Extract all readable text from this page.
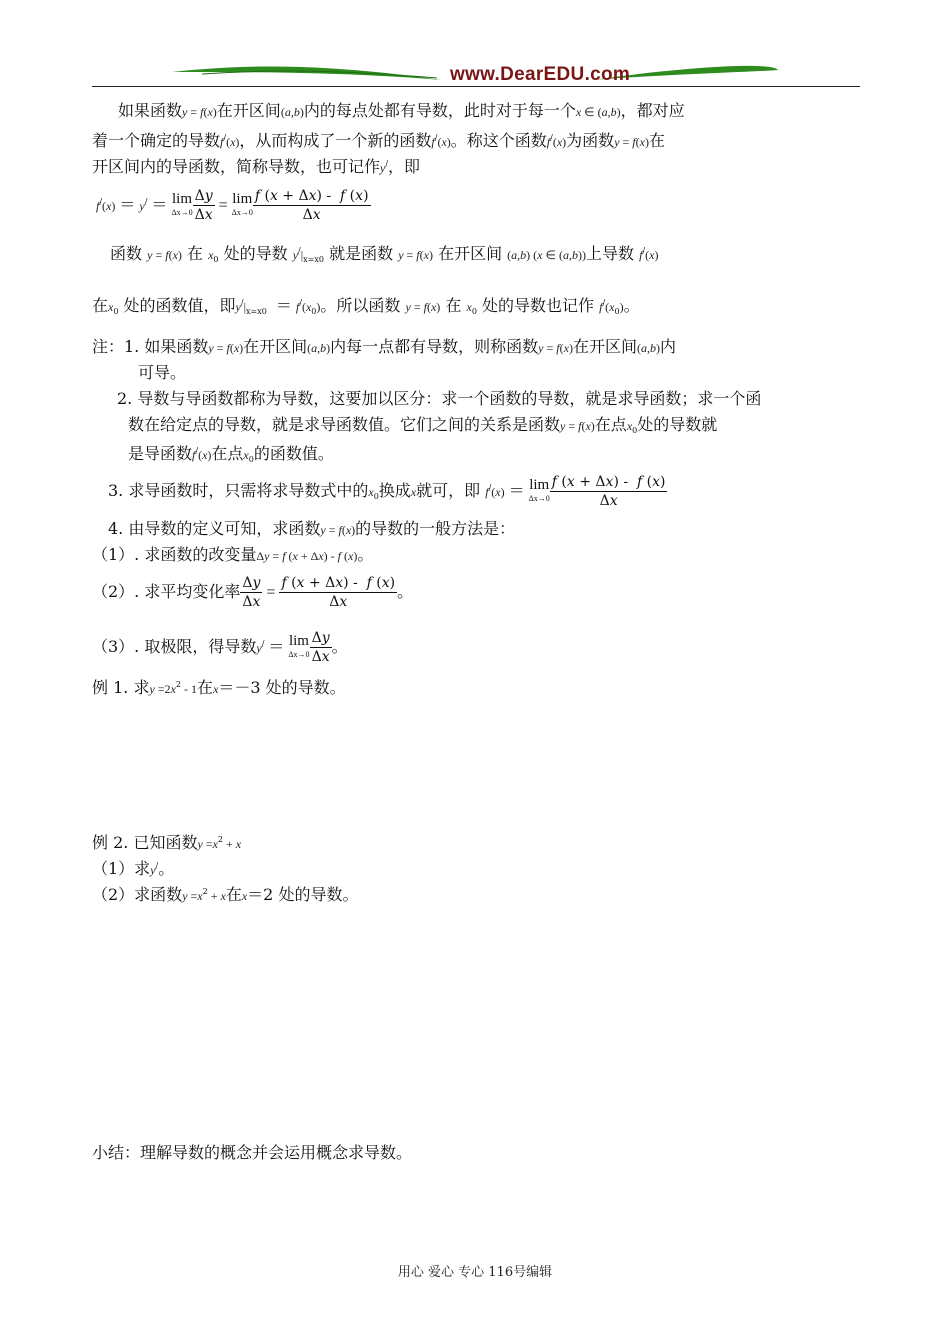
www.DearEDU.com
如果函数y = f(x)在开区间(a,b)内的每点处都有导数，此时对于每一个x ∈ (a,b)，都对应
着一个确定的导数f/(x)，从而构成了一个新的函数f/(x)。称这个函数f/(x)为函数y = f(x)在
开区间内的导函数，简称导数，也可记作y/，即
f/(x) ＝ y/ ＝ lim
$\Delta x\to 0 \frac{\Delta y}{\Delta x} = \lim$
$\Delta x\to 0 \frac{f (x + \Delta x) - f (x)}{\Delta x}$
函数 y = f(x) 在 $x_0$ 处的导数 $y^/|_{x=x0}$ 就是函数 y = f(x) 在开区间 (a,b) (x ∈ (a,b))上导数 f/(x)
在$x_0$ 处的函数值，即$y^/|_{x=x0} = f^/(x_0)$。所以函数 y = f(x) 在 $x_0$ 处的导数也记作 $f^/(x_0)$。
注：1. 如果函数y = f(x)在开区间(a,b)内每一点都有导数，则称函数y = f(x)在开区间(a,b)内
可导。
2. 导数与导函数都称为导数，这要加以区分：求一个函数的导数，就是求导函数；求一个函
数在给定点的导数，就是求导函数值。它们之间的关系是函数y = f(x)在点$x_0$处的导数就
是导函数f/(x)在点$x_0$的函数值。
3. 求导函数时，只需将求导数式中的$x_0$换成x就可，即 f/(x) ＝ lim
$\Delta x\to 0 \frac{f (x + \Delta x) - f (x)}{\Delta x}$
4. 由导数的定义可知，求函数y = f(x)的导数的一般方法是：
（1）. 求函数的改变量Δy = f (x + Δx) - f (x)。
（2）. 求平均变化率 $\frac{\Delta y}{\Delta x} = \frac{f (x + \Delta x) - f (x)}{\Delta x}$ 。
（3）. 取极限，得导数y/ ＝ lim
$\Delta x\to 0 \frac{\Delta y}{\Delta x}$ 。
例 1. 求$y =2x^2 - 1$在x＝－3 处的导数。
例 2. 已知函数$y =x^2 + x$
（1）求y/。
（2）求函数$y =x^2 + x$在x＝2 处的导数。
小结：理解导数的概念并会运用概念求导数。
用心 爱心 专心 116号编辑
